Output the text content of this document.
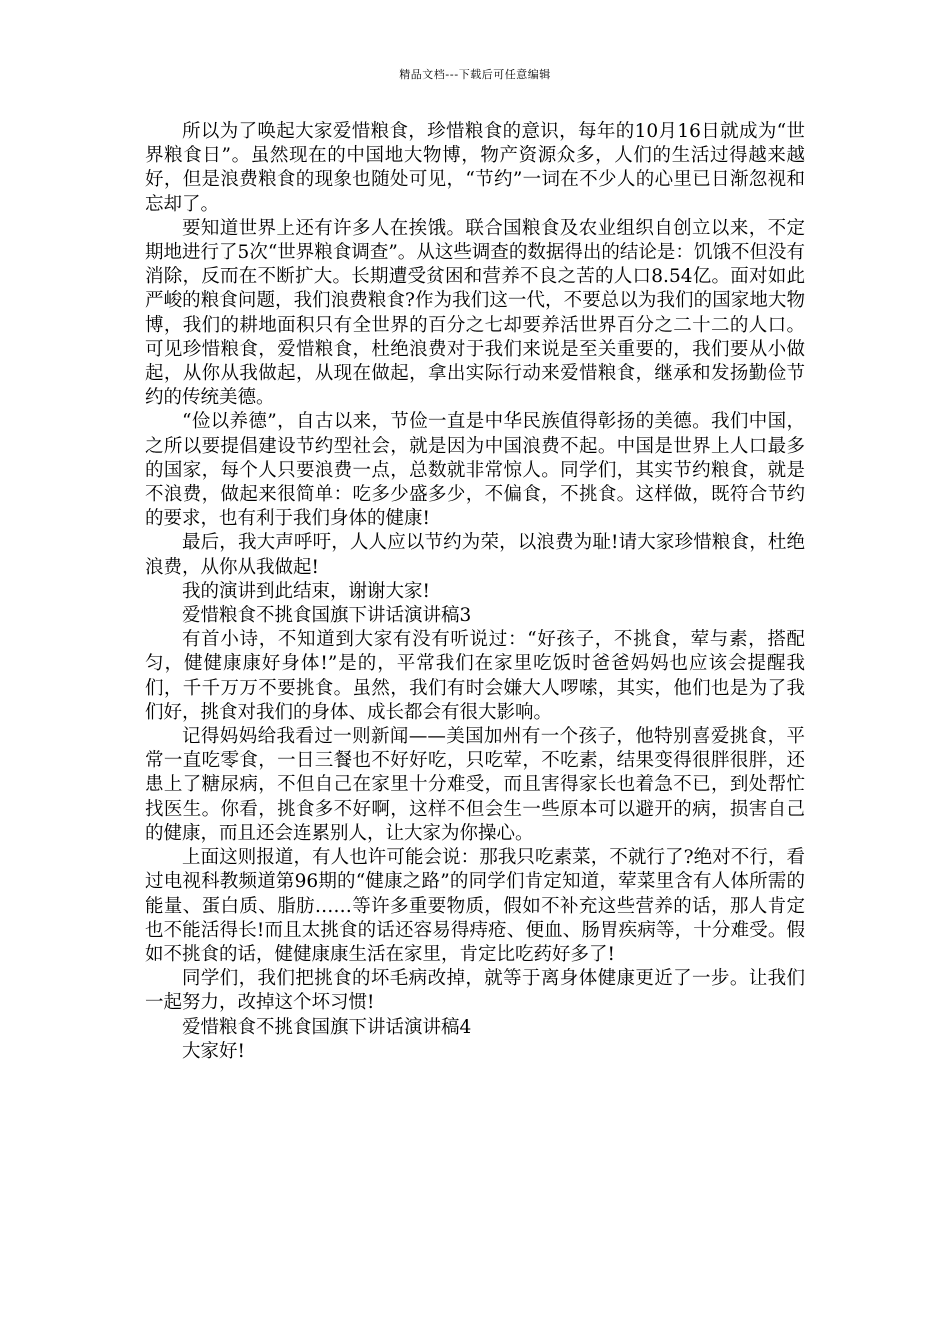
精品文档---下载后可任意编辑

所以为了唤起大家爱惜粮食，珍惜粮食的意识，每年的10月16日就成为“世界粮食日”。虽然现在的中国地大物博，物产资源众多，人们的生活过得越来越好，但是浪费粮食的现象也随处可见，“节约”一词在不少人的心里已日渐忽视和忘却了。

要知道世界上还有许多人在挨饿。联合国粮食及农业组织自创立以来，不定期地进行了5次“世界粮食调查”。从这些调查的数据得出的结论是：饥饿不但没有消除，反而在不断扩大。长期遭受贫困和营养不良之苦的人口8.54亿。面对如此严峻的粮食问题，我们浪费粮食?作为我们这一代，不要总以为我们的国家地大物博，我们的耕地面积只有全世界的百分之七却要养活世界百分之二十二的人口。可见珍惜粮食，爱惜粮食，杜绝浪费对于我们来说是至关重要的，我们要从小做起，从你从我做起，从现在做起，拿出实际行动来爱惜粮食，继承和发扬勤俭节约的传统美德。

“俭以养德”，自古以来，节俭一直是中华民族值得彰扬的美德。我们中国，之所以要提倡建设节约型社会，就是因为中国浪费不起。中国是世界上人口最多的国家，每个人只要浪费一点，总数就非常惊人。同学们，其实节约粮食，就是不浪费，做起来很简单：吃多少盛多少，不偏食，不挑食。这样做，既符合节约的要求，也有利于我们身体的健康!

最后，我大声呼吁，人人应以节约为荣，以浪费为耻!请大家珍惜粮食，杜绝浪费，从你从我做起!

我的演讲到此结束，谢谢大家!

爱惜粮食不挑食国旗下讲话演讲稿3

有首小诗，不知道到大家有没有听说过：“好孩子，不挑食，荤与素，搭配匀，健健康康好身体!”是的，平常我们在家里吃饭时爸爸妈妈也应该会提醒我们，千千万万不要挑食。虽然，我们有时会嫌大人啰嗦，其实，他们也是为了我们好，挑食对我们的身体、成长都会有很大影响。

记得妈妈给我看过一则新闻——美国加州有一个孩子，他特别喜爱挑食，平常一直吃零食，一日三餐也不好好吃，只吃荤，不吃素，结果变得很胖很胖，还患上了糖尿病，不但自己在家里十分难受，而且害得家长也着急不已，到处帮忙找医生。你看，挑食多不好啊，这样不但会生一些原本可以避开的病，损害自己的健康，而且还会连累别人，让大家为你操心。

上面这则报道，有人也许可能会说：那我只吃素菜，不就行了?绝对不行，看过电视科教频道第96期的“健康之路”的同学们肯定知道，荤菜里含有人体所需的能量、蛋白质、脂肪……等许多重要物质，假如不补充这些营养的话，那人肯定也不能活得长!而且太挑食的话还容易得痔疮、便血、肠胃疾病等，十分难受。假如不挑食的话，健健康康生活在家里，肯定比吃药好多了!

同学们，我们把挑食的坏毛病改掉，就等于离身体健康更近了一步。让我们一起努力，改掉这个坏习惯!

爱惜粮食不挑食国旗下讲话演讲稿4

大家好!
